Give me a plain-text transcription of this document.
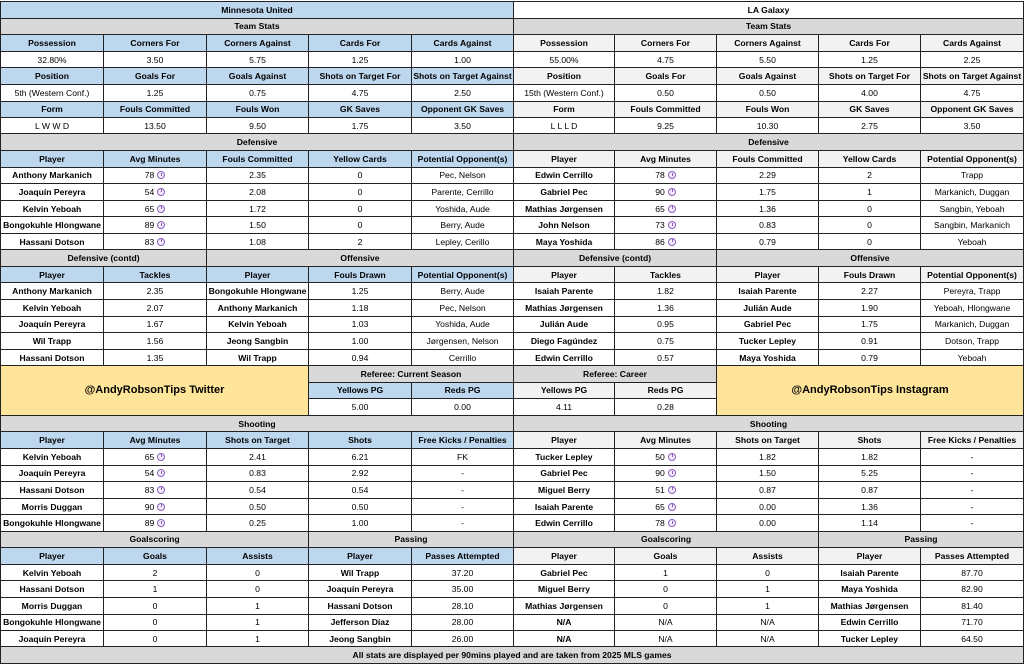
Minnesota United				
Team Stats				
Possession	Corners For	Corners Against	Cards For	Cards Against
32.80%	3.50	5.75	1.25	1.00
Position	Goals For	Goals Against	Shots on Target For	Shots on Target Against
5th (Western Conf.)	1.25	0.75	4.75	2.50
Form	Fouls Committed	Fouls Won	GK Saves	Opponent GK Saves
L W W D	13.50	9.50	1.75	3.50
Defensive				
Player	Avg Minutes	Fouls Committed	Yellow Cards	Potential Opponent(s)
Anthony Markanich	78	2.35	0	Pec, Nelson
Joaquín Pereyra	54	2.08	0	Parente, Cerrillo
Kelvin Yeboah	65	1.72	0	Yoshida, Aude
Bongokuhle Hlongwane	89	1.50	0	Berry, Aude
Hassani Dotson	83	1.08	2	Lepley, Cerillo
Defensive (contd)	
Player	Tackles
Anthony Markanich	2.35
Kelvin Yeboah	2.07
Joaquín Pereyra	1.67
Wil Trapp	1.56
Hassani Dotson	1.35
Offensive		
Player	Fouls Drawn	Potential Opponent(s)
Bongokuhle Hlongwane	1.25	Berry, Aude
Anthony Markanich	1.18	Pec, Nelson
Kelvin Yeboah	1.03	Yoshida, Aude
Jeong Sangbin	1.00	Jørgensen, Nelson
Wil Trapp	0.94	Cerrillo
Shooting				
Player	Avg Minutes	Shots on Target	Shots	Free Kicks / Penalties
Kelvin Yeboah	65	2.41	6.21	FK
Joaquín Pereyra	54	0.83	2.92	-
Hassani Dotson	83	0.54	0.54	-
Morris Duggan	90	0.50	0.50	-
Bongokuhle Hlongwane	89	0.25	1.00	-
Goalscoring		
Player	Goals	Assists
Kelvin Yeboah	2	0
Hassani Dotson	1	0
Morris Duggan	0	1
Bongokuhle Hlongwane	0	1
Joaquín Pereyra	0	1
Passing	
Player	Passes Attempted
Wil Trapp	37.20
Joaquín Pereyra	35.00
Hassani Dotson	28.10
Jefferson Díaz	28.00
Jeong Sangbin	26.00
LA Galaxy				
Team Stats				
Possession	Corners For	Corners Against	Cards For	Cards Against
55.00%	4.75	5.50	1.25	2.25
Position	Goals For	Goals Against	Shots on Target For	Shots on Target Against
15th (Western Conf.)	0.50	0.50	4.00	4.75
Form	Fouls Committed	Fouls Won	GK Saves	Opponent GK Saves
L L L D	9.25	10.30	2.75	3.50
Defensive				
Player	Avg Minutes	Fouls Committed	Yellow Cards	Potential Opponent(s)
Edwin Cerrillo	78	2.29	2	Trapp
Gabriel Pec	90	1.75	1	Markanich, Duggan
Mathias Jørgensen	65	1.36	0	Sangbin, Yeboah
John Nelson	73	0.83	0	Sangbin, Markanich
Maya Yoshida	86	0.79	0	Yeboah
Defensive (contd)	
Player	Tackles
Isaiah Parente	1.82
Mathias Jørgensen	1.36
Julián Aude	0.95
Diego Fagúndez	0.75
Edwin Cerrillo	0.57
Offensive		
Player	Fouls Drawn	Potential Opponent(s)
Isaiah Parente	2.27	Pereyra, Trapp
Julián Aude	1.90	Yeboah, Hlongwane
Gabriel Pec	1.75	Markanich, Duggan
Tucker Lepley	0.91	Dotson, Trapp
Maya Yoshida	0.79	Yeboah
Shooting				
Player	Avg Minutes	Shots on Target	Shots	Free Kicks / Penalties
Tucker Lepley	50	1.82	1.82	-
Gabriel Pec	90	1.50	5.25	-
Miguel Berry	51	0.87	0.87	-
Isaiah Parente	65	0.00	1.36	-
Edwin Cerrillo	78	0.00	1.14	-
Goalscoring		
Player	Goals	Assists
Gabriel Pec	1	0
Miguel Berry	0	1
Mathias Jørgensen	0	1
N/A	N/A	N/A
N/A	N/A	N/A
Passing	
Player	Passes Attempted
Isaiah Parente	87.70
Maya Yoshida	82.90
Mathias Jørgensen	81.40
Edwin Cerrillo	71.70
Tucker Lepley	64.50
@AndyRobsonTips Twitter
Referee: Current Season	
Yellows PG	Reds PG
5.00	0.00
Referee: Career	
Yellows PG	Reds PG
4.11	0.28
@AndyRobsonTips Instagram
All stats are displayed per 90mins played and are taken from 2025 MLS games
